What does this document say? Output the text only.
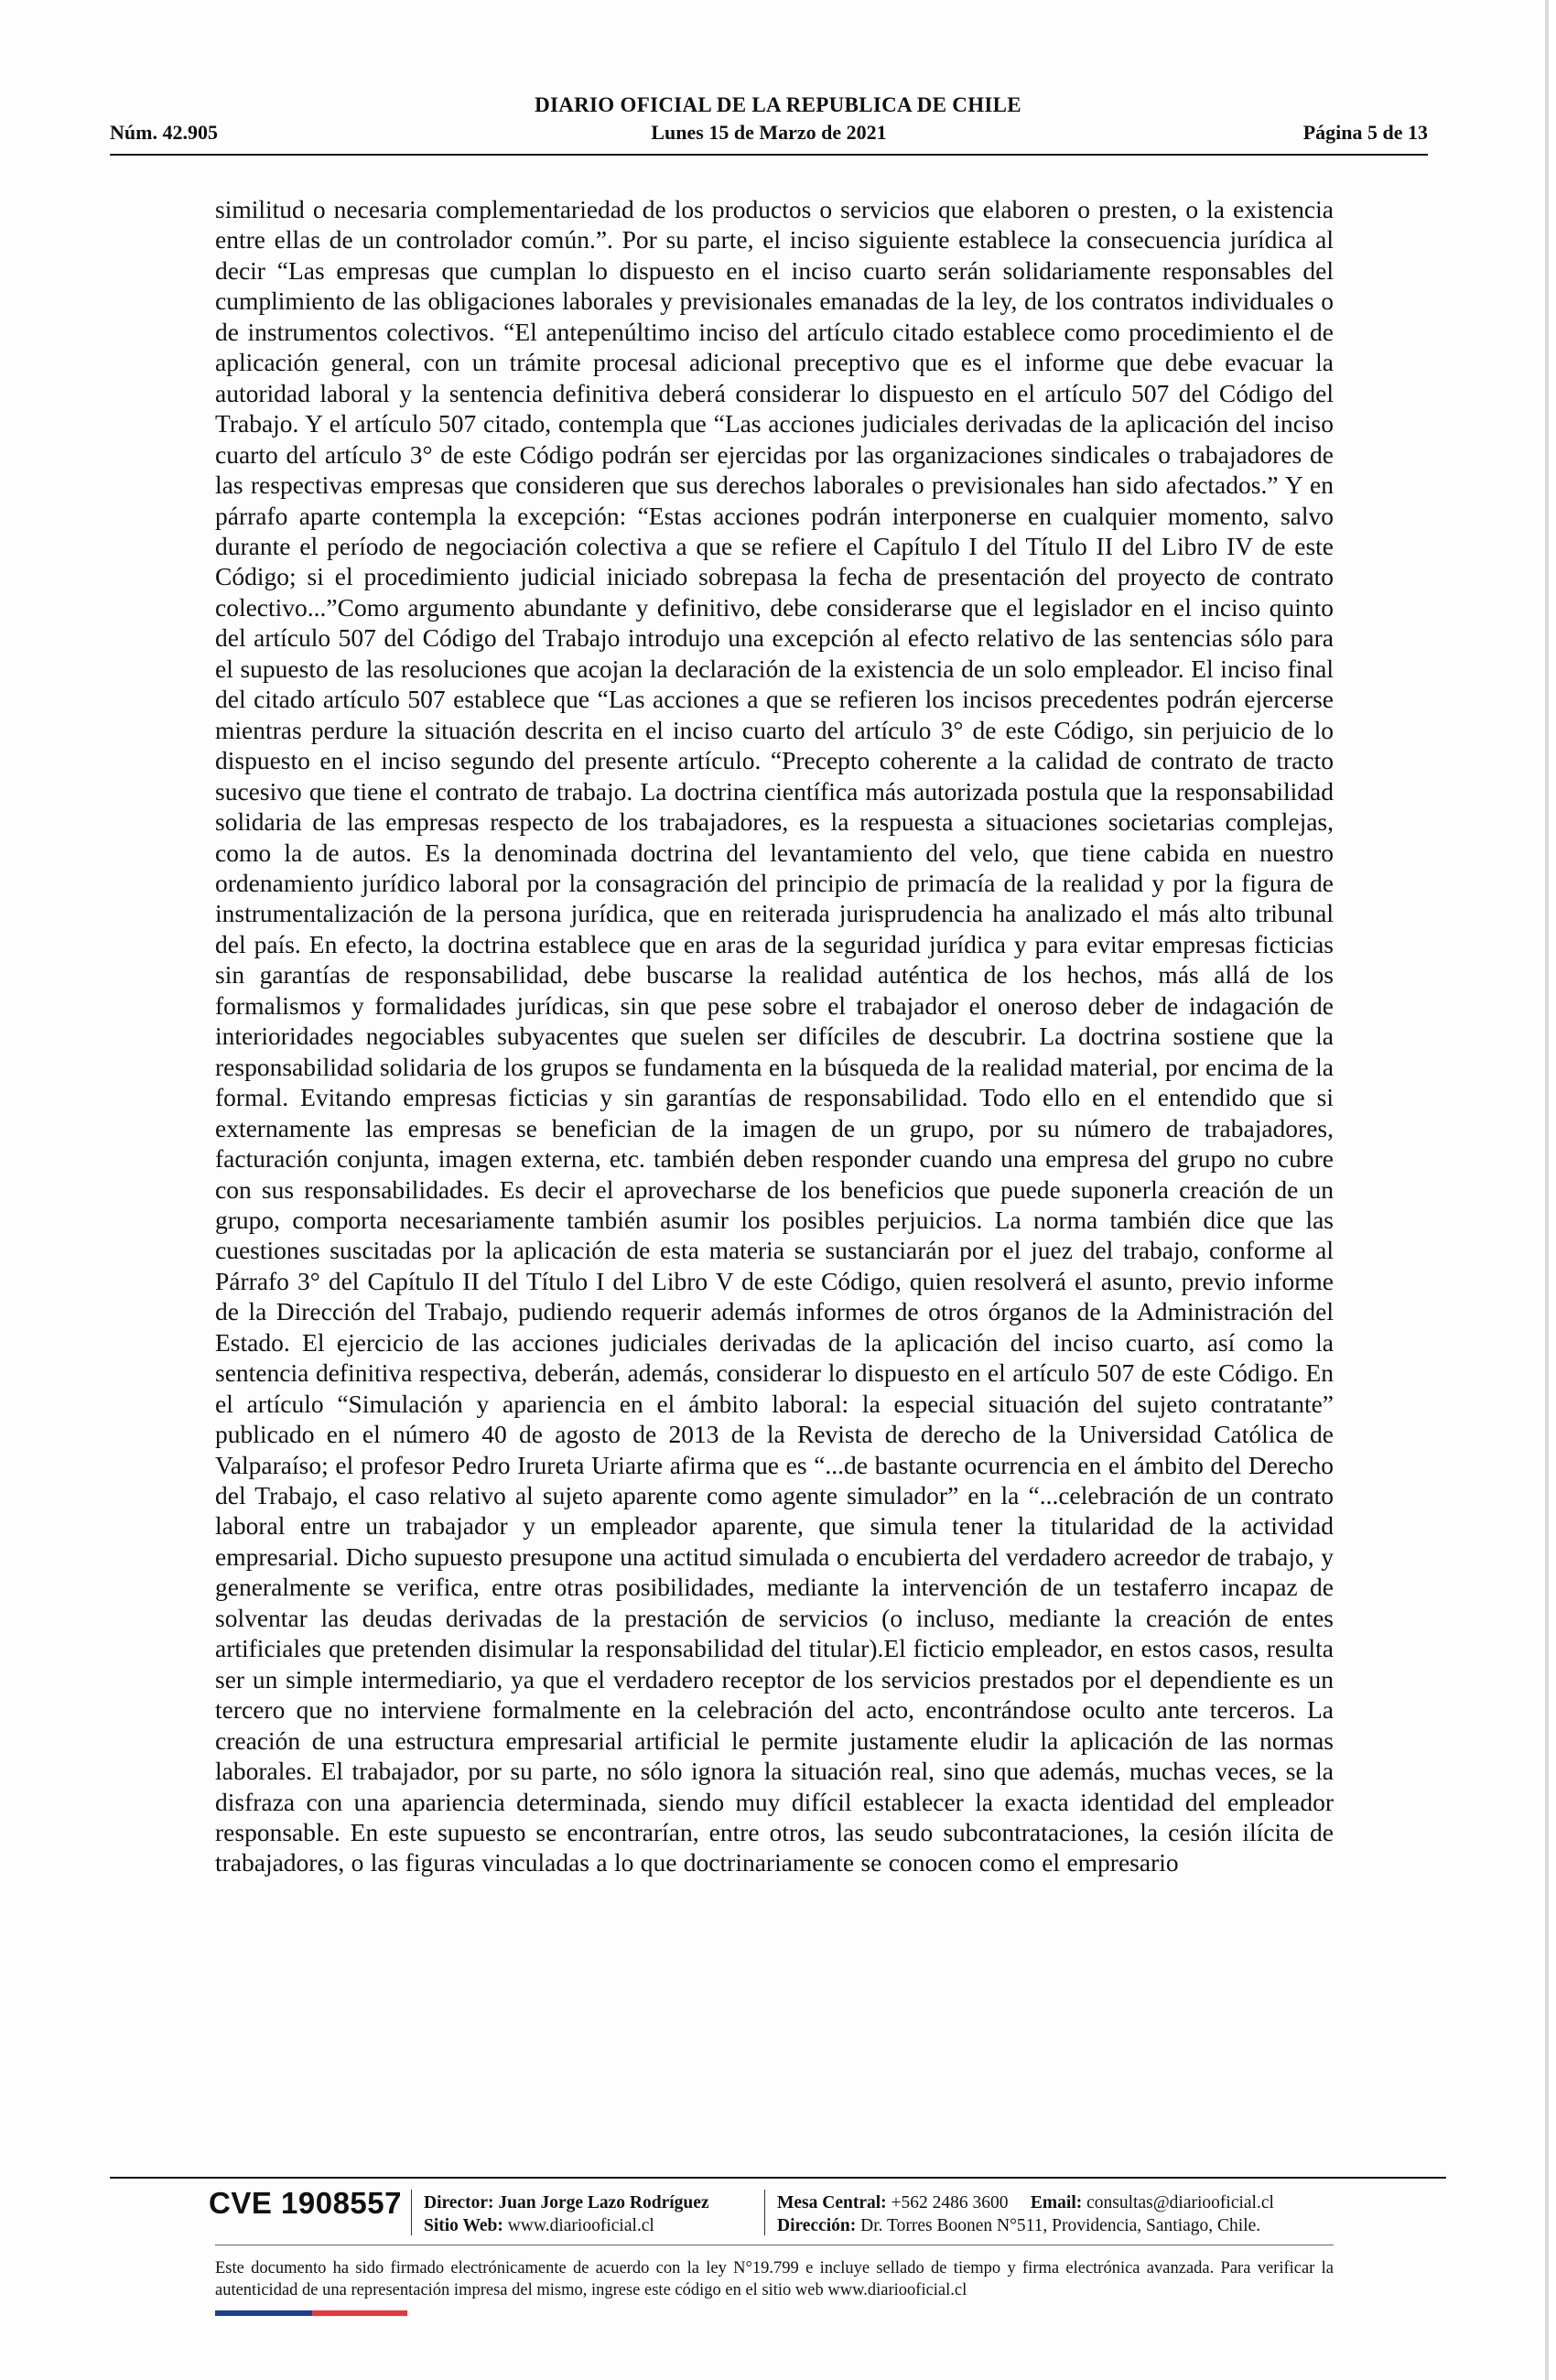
DIARIO OFICIAL DE LA REPUBLICA DE CHILE
Núm. 42.905	Lunes 15 de Marzo de 2021	Página 5 de 13

similitud o necesaria complementariedad de los productos o servicios que elaboren o presten, o la existencia entre ellas de un controlador común.”. Por su parte, el inciso siguiente establece la consecuencia jurídica al decir “Las empresas que cumplan lo dispuesto en el inciso cuarto serán solidariamente responsables del cumplimiento de las obligaciones laborales y previsionales emanadas de la ley, de los contratos individuales o de instrumentos colectivos. “El antepenúltimo inciso del artículo citado establece como procedimiento el de aplicación general, con un trámite procesal adicional preceptivo que es el informe que debe evacuar la autoridad laboral y la sentencia definitiva deberá considerar lo dispuesto en el artículo 507 del Código del Trabajo. Y el artículo 507 citado, contempla que “Las acciones judiciales derivadas de la aplicación del inciso cuarto del artículo 3° de este Código podrán ser ejercidas por las organizaciones sindicales o trabajadores de las respectivas empresas que consideren que sus derechos laborales o previsionales han sido afectados.” Y en párrafo aparte contempla la excepción: “Estas acciones podrán interponerse en cualquier momento, salvo durante el período de negociación colectiva a que se refiere el Capítulo I del Título II del Libro IV de este Código; si el procedimiento judicial iniciado sobrepasa la fecha de presentación del proyecto de contrato colectivo...”Como argumento abundante y definitivo, debe considerarse que el legislador en el inciso quinto del artículo 507 del Código del Trabajo introdujo una excepción al efecto relativo de las sentencias sólo para el supuesto de las resoluciones que acojan la declaración de la existencia de un solo empleador. El inciso final del citado artículo 507 establece que “Las acciones a que se refieren los incisos precedentes podrán ejercerse mientras perdure la situación descrita en el inciso cuarto del artículo 3° de este Código, sin perjuicio de lo dispuesto en el inciso segundo del presente artículo. “Precepto coherente a la calidad de contrato de tracto sucesivo que tiene el contrato de trabajo. La doctrina científica más autorizada postula que la responsabilidad solidaria de las empresas respecto de los trabajadores, es la respuesta a situaciones societarias complejas, como la de autos. Es la denominada doctrina del levantamiento del velo, que tiene cabida en nuestro ordenamiento jurídico laboral por la consagración del principio de primacía de la realidad y por la figura de instrumentalización de la persona jurídica, que en reiterada jurisprudencia ha analizado el más alto tribunal del país. En efecto, la doctrina establece que en aras de la seguridad jurídica y para evitar empresas ficticias sin garantías de responsabilidad, debe buscarse la realidad auténtica de los hechos, más allá de los formalismos y formalidades jurídicas, sin que pese sobre el trabajador el oneroso deber de indagación de interioridades negociables subyacentes que suelen ser difíciles de descubrir. La doctrina sostiene que la responsabilidad solidaria de los grupos se fundamenta en la búsqueda de la realidad material, por encima de la formal. Evitando empresas ficticias y sin garantías de responsabilidad. Todo ello en el entendido que si externamente las empresas se benefician de la imagen de un grupo, por su número de trabajadores, facturación conjunta, imagen externa, etc. también deben responder cuando una empresa del grupo no cubre con sus responsabilidades. Es decir el aprovecharse de los beneficios que puede suponerla creación de un grupo, comporta necesariamente también asumir los posibles perjuicios. La norma también dice que las cuestiones suscitadas por la aplicación de esta materia se sustanciarán por el juez del trabajo, conforme al Párrafo 3° del Capítulo II del Título I del Libro V de este Código, quien resolverá el asunto, previo informe de la Dirección del Trabajo, pudiendo requerir además informes de otros órganos de la Administración del Estado. El ejercicio de las acciones judiciales derivadas de la aplicación del inciso cuarto, así como la sentencia definitiva respectiva, deberán, además, considerar lo dispuesto en el artículo 507 de este Código. En el artículo “Simulación y apariencia en el ámbito laboral: la especial situación del sujeto contratante” publicado en el número 40 de agosto de 2013 de la Revista de derecho de la Universidad Católica de Valparaíso; el profesor Pedro Irureta Uriarte afirma que es “...de bastante ocurrencia en el ámbito del Derecho del Trabajo, el caso relativo al sujeto aparente como agente simulador” en la “...celebración de un contrato laboral entre un trabajador y un empleador aparente, que simula tener la titularidad de la actividad empresarial. Dicho supuesto presupone una actitud simulada o encubierta del verdadero acreedor de trabajo, y generalmente se verifica, entre otras posibilidades, mediante la intervención de un testaferro incapaz de solventar las deudas derivadas de la prestación de servicios (o incluso, mediante la creación de entes artificiales que pretenden disimular la responsabilidad del titular).El ficticio empleador, en estos casos, resulta ser un simple intermediario, ya que el verdadero receptor de los servicios prestados por el dependiente es un tercero que no interviene formalmente en la celebración del acto, encontrándose oculto ante terceros. La creación de una estructura empresarial artificial le permite justamente eludir la aplicación de las normas laborales. El trabajador, por su parte, no sólo ignora la situación real, sino que además, muchas veces, se la disfraza con una apariencia determinada, siendo muy difícil establecer la exacta identidad del empleador responsable. En este supuesto se encontrarían, entre otros, las seudo subcontrataciones, la cesión ilícita de trabajadores, o las figuras vinculadas a lo que doctrinariamente se conocen como el empresario

CVE 1908557 Director: Juan Jorge Lazo Rodríguez
Sitio Web: www.diariooficial.cl
Mesa Central: +562 2486 3600 Email: consultas@diariooficial.cl
Dirección: Dr. Torres Boonen N°511, Providencia, Santiago, Chile.
Este documento ha sido firmado electrónicamente de acuerdo con la ley N°19.799 e incluye sellado de tiempo y firma electrónica avanzada. Para verificar la autenticidad de una representación impresa del mismo, ingrese este código en el sitio web www.diariooficial.cl
